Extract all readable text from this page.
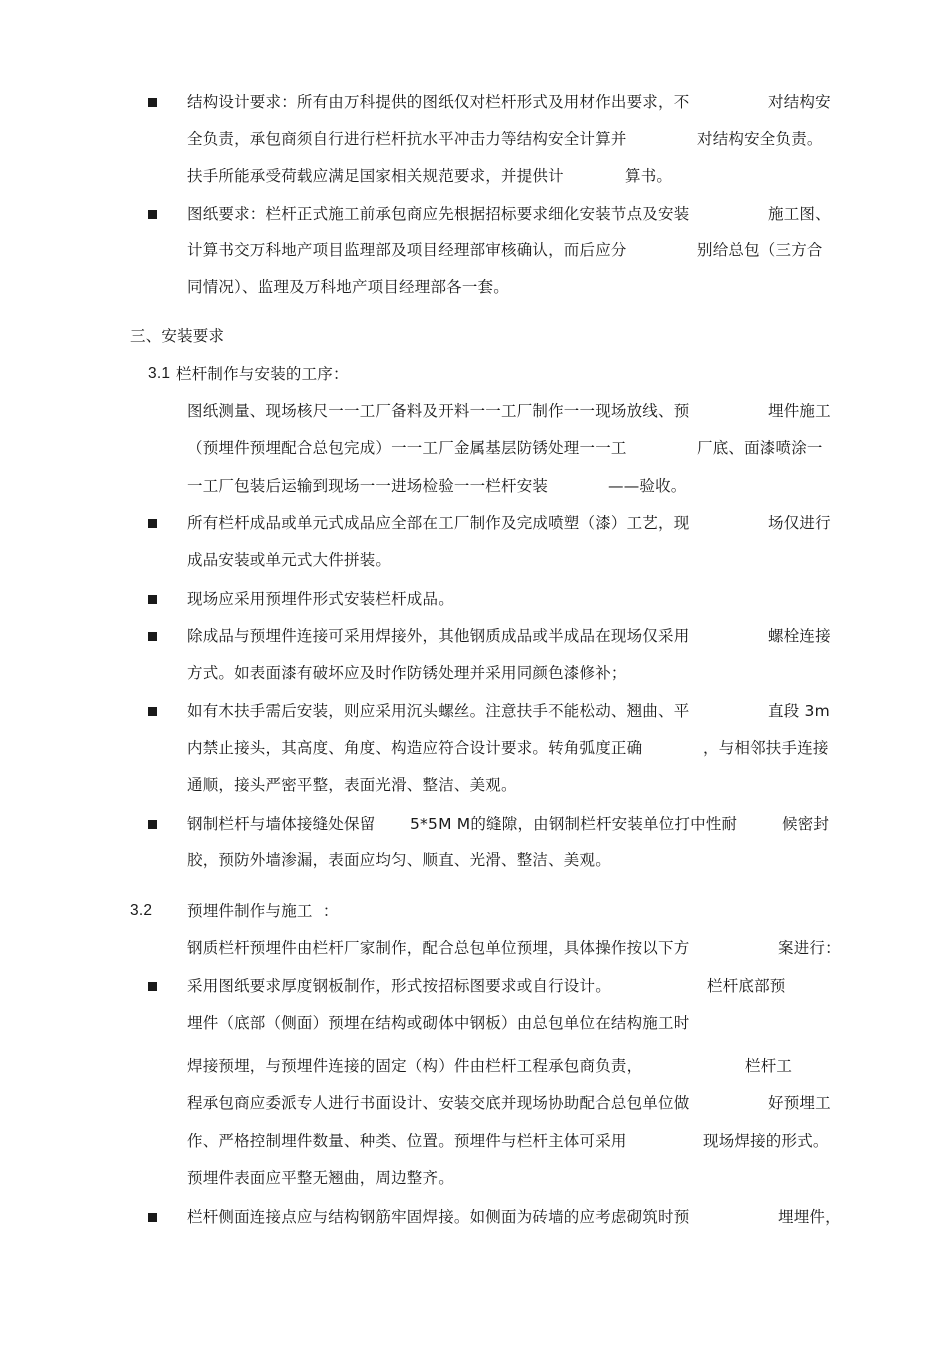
结构设计要求：所有由万科提供的图纸仅对栏杆形式及用材作出要求，不	对结构安
全负责，承包商须自行进行栏杆抗水平冲击力等结构安全计算并	对结构安全负责。
扶手所能承受荷载应满足国家相关规范要求，并提供计	算书。
图纸要求：栏杆正式施工前承包商应先根据招标要求细化安装节点及安装	施工图、
计算书交万科地产项目监理部及项目经理部审核确认，而后应分	别给总包（三方合
同情况）、监理及万科地产项目经理部各一套。
三、安装要求
3.1 栏杆制作与安装的工序：
图纸测量、现场核尺一一工厂备料及开料一一工厂制作一一现场放线、预	埋件施工
（预埋件预埋配合总包完成）一一工厂金属基层防锈处理一一工	厂底、面漆喷涂一
一工厂包装后运输到现场一一进场检验一一栏杆安装	——验收。
所有栏杆成品或单元式成品应全部在工厂制作及完成喷塑（漆）工艺，现	场仅进行
成品安装或单元式大件拼装。
现场应采用预埋件形式安装栏杆成品。
除成品与预埋件连接可采用焊接外，其他钢质成品或半成品在现场仅采用	螺栓连接
方式。如表面漆有破坏应及时作防锈处理并采用同颜色漆修补；
如有木扶手需后安装，则应采用沉头螺丝。注意扶手不能松动、翘曲、平	直段 3m
内禁止接头，其高度、角度、构造应符合设计要求。转角弧度正确	，与相邻扶手连接
通顺，接头严密平整，表面光滑、整洁、美观。
钢制栏杆与墙体接缝处保留 5*5M M的缝隙，由钢制栏杆安装单位打中性耐	候密封
胶，预防外墙渗漏，表面应均匀、顺直、光滑、整洁、美观。
3.2 预埋件制作与施工  ：
钢质栏杆预埋件由栏杆厂家制作，配合总包单位预埋，具体操作按以下方	案进行：
采用图纸要求厚度钢板制作，形式按招标图要求或自行设计。	栏杆底部预
埋件（底部（侧面）预埋在结构或砌体中钢板）由总包单位在结构施工时
焊接预埋，与预埋件连接的固定（构）件由栏杆工程承包商负责，	栏杆工
程承包商应委派专人进行书面设计、安装交底并现场协助配合总包单位做	好预埋工
作、严格控制埋件数量、种类、位置。预埋件与栏杆主体可采用	现场焊接的形式。
预埋件表面应平整无翘曲，周边整齐。
栏杆侧面连接点应与结构钢筋牢固焊接。如侧面为砖墙的应考虑砌筑时预	埋埋件，
